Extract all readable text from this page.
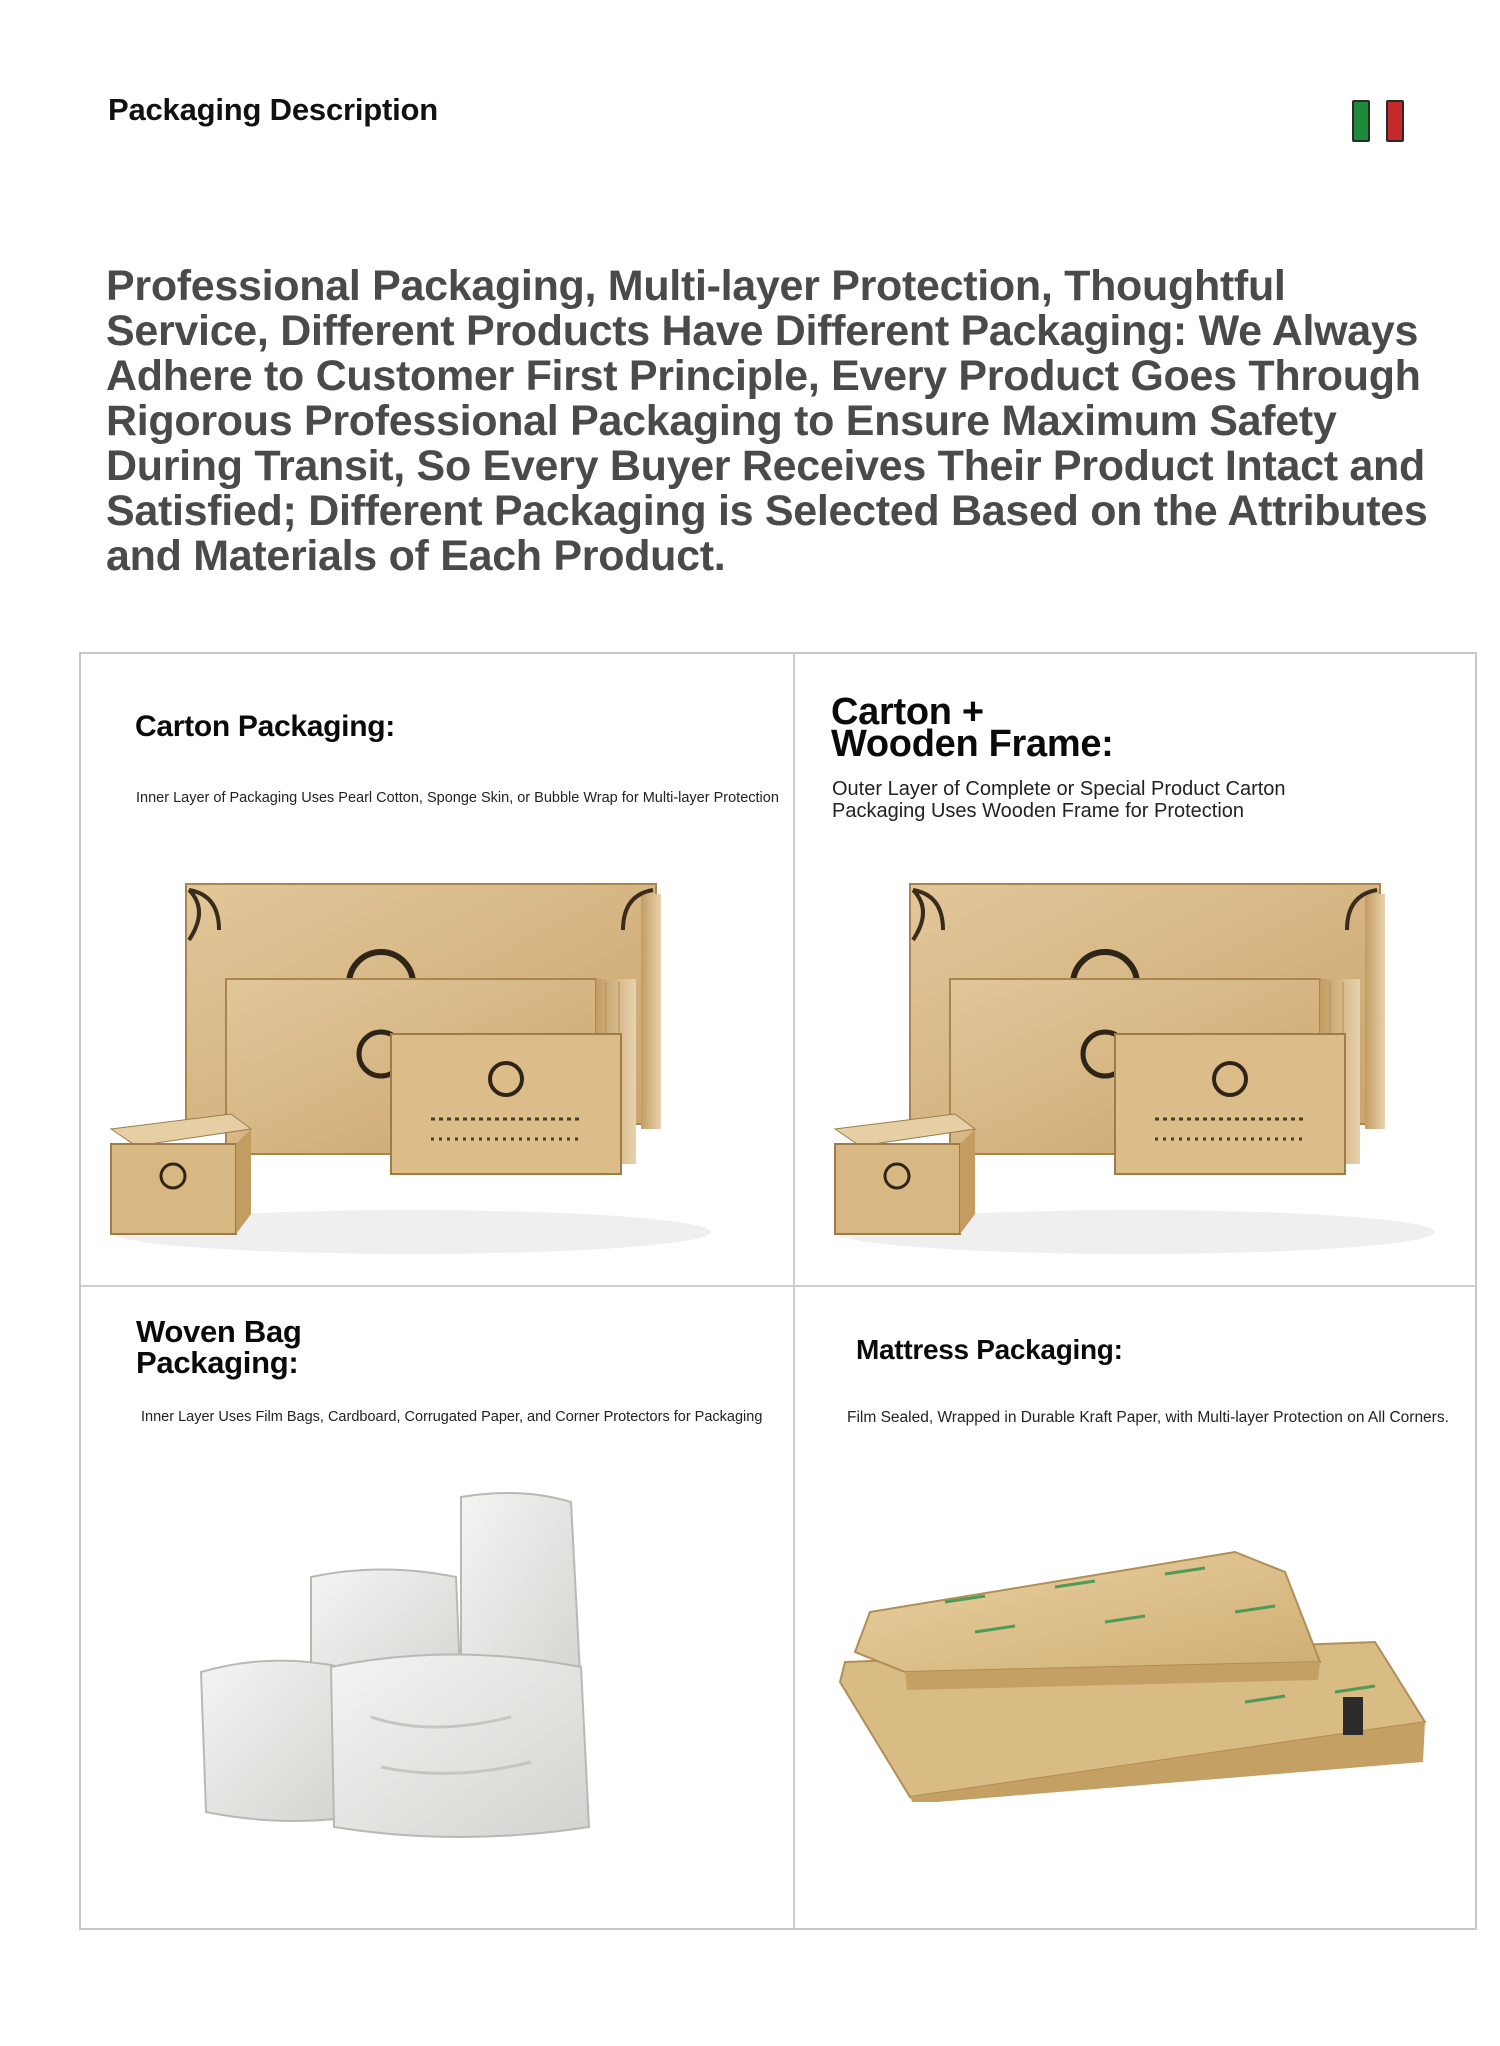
Packaging Description

Professional Packaging, Multi-layer Protection, Thoughtful Service, Different Products Have Different Packaging: We Always Adhere to Customer First Principle, Every Product Goes Through Rigorous Professional Packaging to Ensure Maximum Safety During Transit, So Every Buyer Receives Their Product Intact and Satisfied; Different Packaging is Selected Based on the Attributes and Materials of Each Product.

Carton Packaging:

Inner Layer of Packaging Uses Pearl Cotton, Sponge Skin, or Bubble Wrap for Multi-layer Protection

Carton +
Wooden Frame:

Outer Layer of Complete or Special Product Carton

Packaging Uses Wooden Frame for Protection

Woven Bag
Packaging:

Inner Layer Uses Film Bags, Cardboard, Corrugated Paper, and Corner Protectors for Packaging

Mattress Packaging:

Film Sealed, Wrapped in Durable Kraft Paper, with Multi-layer Protection on All Corners.
